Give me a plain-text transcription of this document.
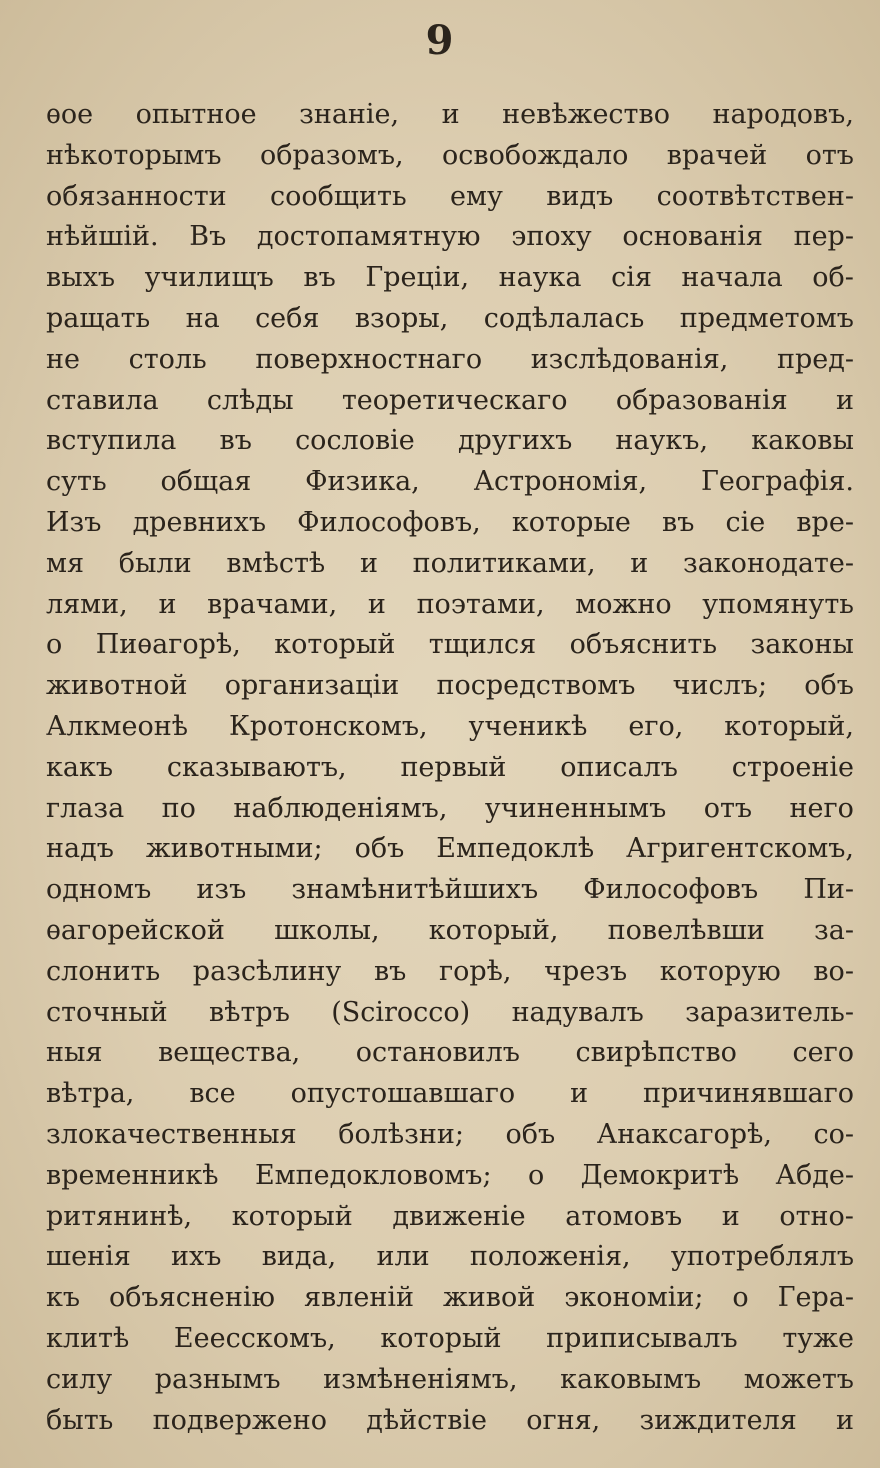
9
ѳое опытное знаніе, и невѣжество народовъ,
нѣкоторымъ образомъ, освобождало врачей отъ
обязанности сообщить ему видъ соотвѣтствен-
нѣйшій. Въ достопамятную эпоху основанія пер-
выхъ училищъ въ Греціи, наука сія начала об-
ращать на себя взоры, содѣлалась предметомъ
не столь поверхностнаго изслѣдованія, пред-
ставила слѣды теоретическаго образованія и
вступила въ сословіе другихъ наукъ, каковы
суть общая Физика, Астрономія, Географія.
Изъ древнихъ Философовъ, которые въ сіе вре-
мя были вмѣстѣ и политиками, и законодате-
лями, и врачами, и поэтами, можно упомянуть
о Пиѳагорѣ, который тщился объяснить законы
животной организаціи посредствомъ числъ; объ
Алкмеонѣ Кротонскомъ, ученикѣ его, который,
какъ сказываютъ, первый описалъ строеніе
глаза по наблюденіямъ, учиненнымъ отъ него
надъ животными; объ Емпедоклѣ Агригентскомъ,
одномъ изъ знамѣнитѣйшихъ Философовъ Пи-
ѳагорейской школы, который, повелѣвши за-
слонить разсѣлину въ горѣ, чрезъ которую во-
сточный вѣтръ (Scirocco) надувалъ заразитель-
ныя вещества, остановилъ свирѣпство сего
вѣтра, все опустошавшаго и причинявшаго
злокачественныя болѣзни; объ Анаксагорѣ, со-
временникѣ Емпедокловомъ; о Демокритѣ Абде-
ритянинѣ, который движеніе атомовъ и отно-
шенія ихъ вида, или положенія, употреблялъ
къ объясненію явленій живой экономіи; о Гера-
клитѣ Ееесскомъ, который приписывалъ туже
силу разнымъ измѣненіямъ, каковымъ можетъ
быть подвержено дѣйствіе огня, зиждителя и
